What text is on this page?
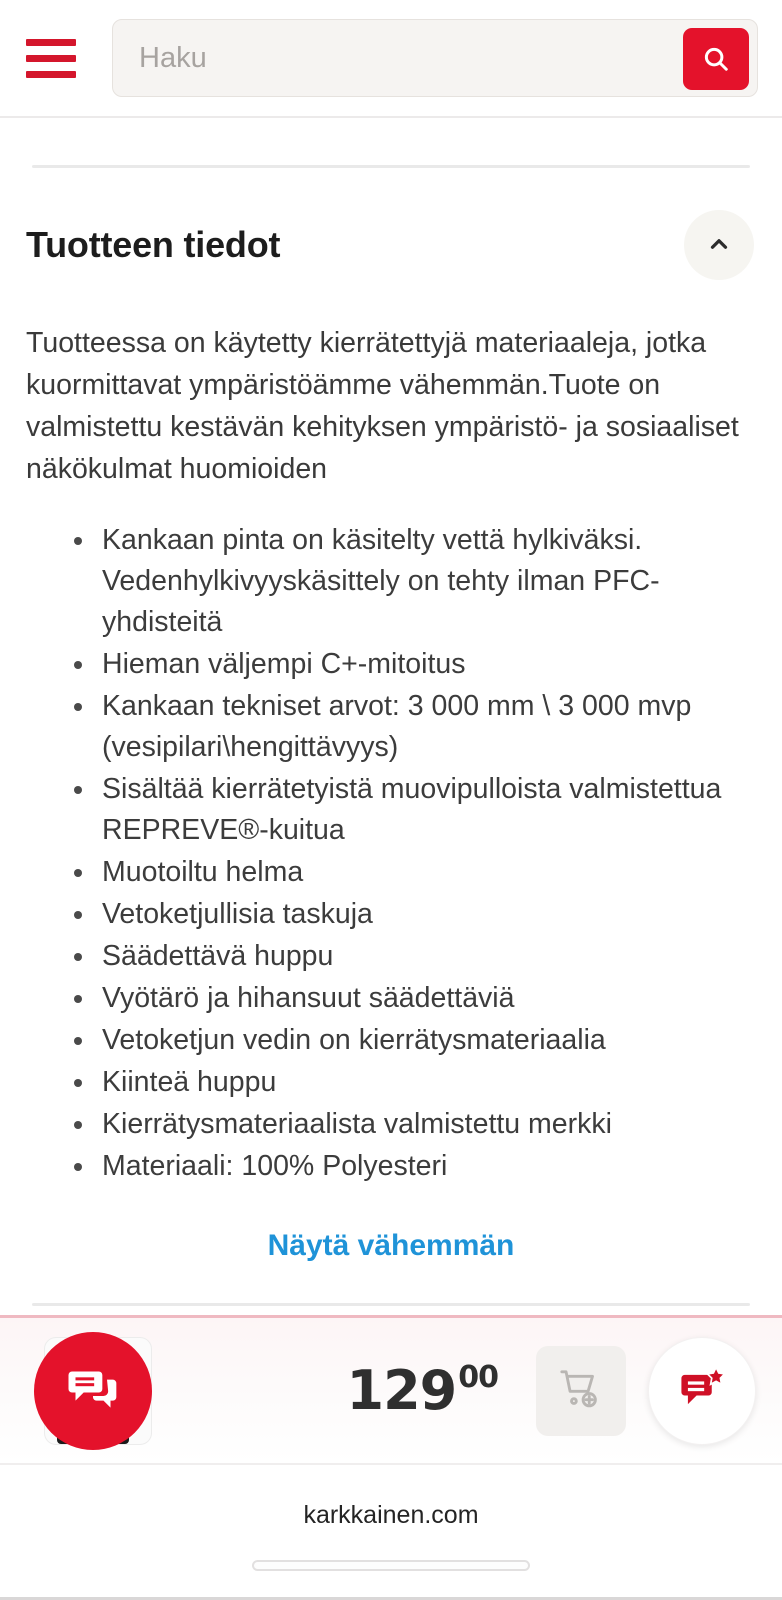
Haku
Tuotteen tiedot

Tuotteessa on käytetty kierrätettyjä materiaaleja, jotka kuormittavat ympäristöämme vähemmän.Tuote on valmistettu kestävän kehityksen ympäristö- ja sosiaaliset näkökulmat huomioiden

Kankaan pinta on käsitelty vettä hylkiväksi. Vedenhylkivyyskäsittely on tehty ilman PFC-yhdisteitä
Hieman väljempi C+-mitoitus
Kankaan tekniset arvot: 3 000 mm \ 3 000 mvp (vesipilari\hengittävyys)
Sisältää kierrätetyistä muovipulloista valmistettua REPREVE®-kuitua
Muotoiltu helma
Vetoketjullisia taskuja
Säädettävä huppu
Vyötärö ja hihansuut säädettäviä
Vetoketjun vedin on kierrätysmateriaalia
Kiinteä huppu
Kierrätysmateriaalista valmistettu merkki
Materiaali: 100% Polyesteri
Näytä vähemmän
129 00
karkkainen.com
